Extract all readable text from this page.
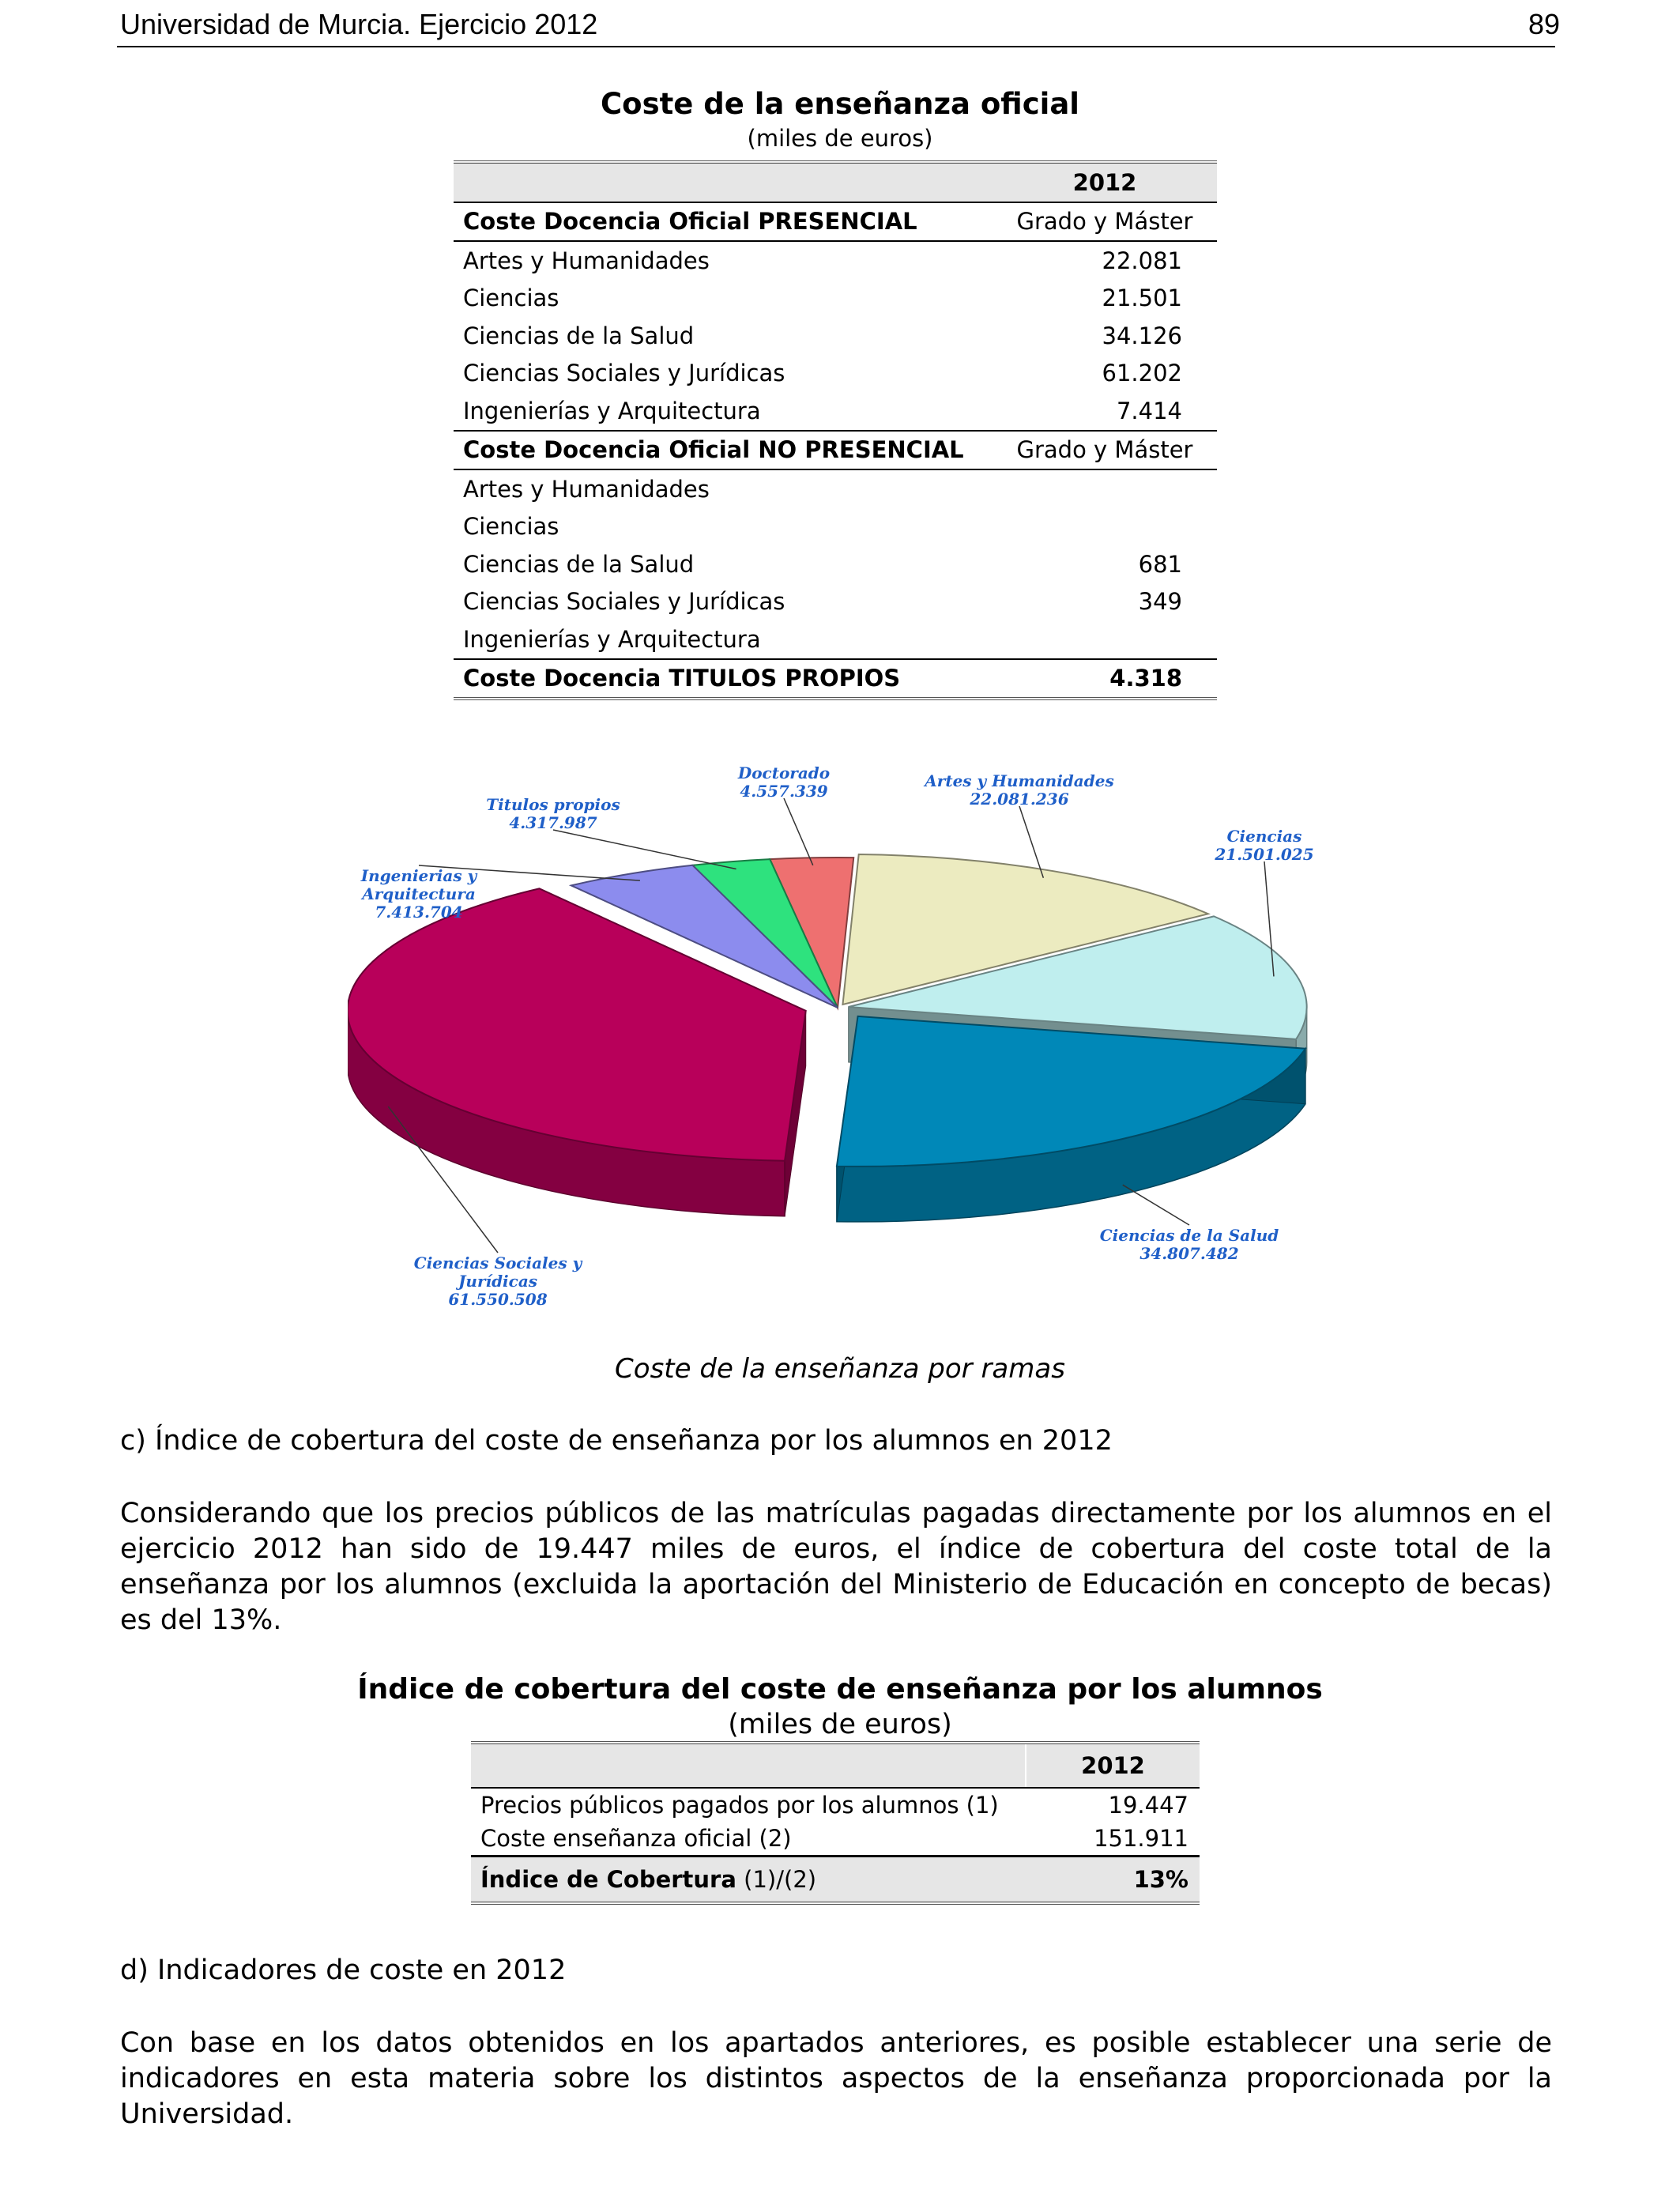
Universidad de Murcia. Ejercicio 2012	89
Coste de la enseñanza oficial
(miles de euros)
	2012
Coste Docencia Oficial PRESENCIAL	Grado y Máster
Artes y Humanidades	22.081
Ciencias	21.501
Ciencias de la Salud	34.126
Ciencias Sociales y Jurídicas	61.202
Ingenierías y Arquitectura	7.414
Coste Docencia Oficial NO PRESENCIAL	Grado y Máster
Artes y Humanidades	
Ciencias	
Ciencias de la Salud	681
Ciencias Sociales y Jurídicas	349
Ingenierías y Arquitectura	
Coste Docencia TITULOS PROPIOS	4.318
Artes y Humanidades 22.081.236
Ciencias 21.501.025
Ciencias de la Salud 34.807.482
Ciencias Sociales y Jurídicas 61.550.508
Ingenierias y Arquitectura 7.413.704
Titulos propios 4.317.987
Doctorado 4.557.339
Coste de la enseñanza por ramas
c) Índice de cobertura del coste de enseñanza por los alumnos en 2012
Considerando que los precios públicos de las matrículas pagadas directamente por los alumnos en el ejercicio 2012 han sido de 19.447 miles de euros, el índice de cobertura del coste total de la enseñanza por los alumnos (excluida la aportación del Ministerio de Educación en concepto de becas) es del 13%.
Índice de cobertura del coste de enseñanza por los alumnos
(miles de euros)
	2012
Precios públicos pagados por los alumnos (1)	19.447
Coste enseñanza oficial (2)	151.911
Índice de Cobertura (1)/(2)	13%
d) Indicadores de coste en 2012
Con base en los datos obtenidos en los apartados anteriores, es posible establecer una serie de indicadores en esta materia sobre los distintos aspectos de la enseñanza proporcionada por la Universidad.
